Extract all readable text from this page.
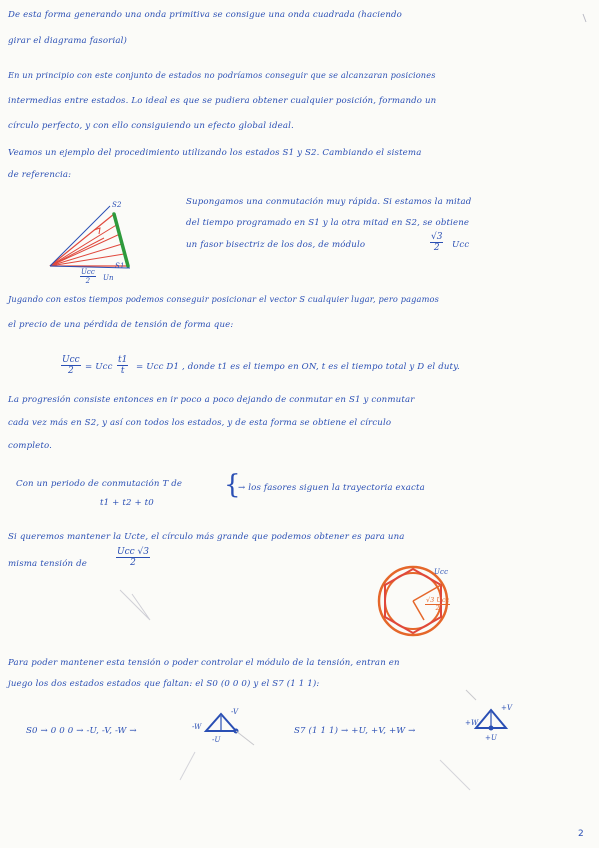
De esta forma generando una onda primitiva se consigue una onda cuadrada (haciendo
girar el diagrama fasorial)
En un principio con este conjunto de estados no podríamos conseguir que se alcanzaran posiciones
intermedias entre estados. Lo ideal es que se pudiera obtener cualquier posición, formando un
círculo perfecto, y con ello consiguiendo un efecto global ideal.
Veamos un ejemplo del procedimiento utilizando los estados S1 y S2. Cambiando el sistema
de referencia:
Supongamos una conmutación muy rápida. Si estamos la mitad
del tiempo programado en S1 y la otra mitad en S2, se obtiene
un fasor bisectriz de los dos, de módulo	$\frac{√3}{2}$ Ucc
Jugando con estos tiempos podemos conseguir posicionar el vector S cualquier lugar, pero pagamos
el precio de una pérdida de tensión de forma que:
Ucc
2	= Ucc $\frac{t1}{t}$ = Ucc D1 , donde t1 es el tiempo en ON, t es el tiempo total y D el duty.
La progresión consiste entonces en ir poco a poco dejando de conmutar en S1 y conmutar
cada vez más en S2, y así con todos los estados, y de esta forma se obtiene el círculo
completo.
Con un periodo de conmutación T de {
→ los fasores siguen la trayectoria exacta
t1 + t2 + t0
Si queremos mantener la Ucte, el círculo más grande que podemos obtener es para una
misma tensión de
Ucc √3
2
Para poder mantener esta tensión o poder controlar el módulo de la tensión, entran en
juego los dos estados estados que faltan: el S0 (0 0 0) y el S7 (1 1 1):
S0 → 0 0 0 → -U, -V, -W →	S7 (1 1 1) → +U, +V, +W →
S2
S1
Un
Ucc
2
Ucc
√3 Ucc
2
-V
-W
-U
+V
+W
+U
2
